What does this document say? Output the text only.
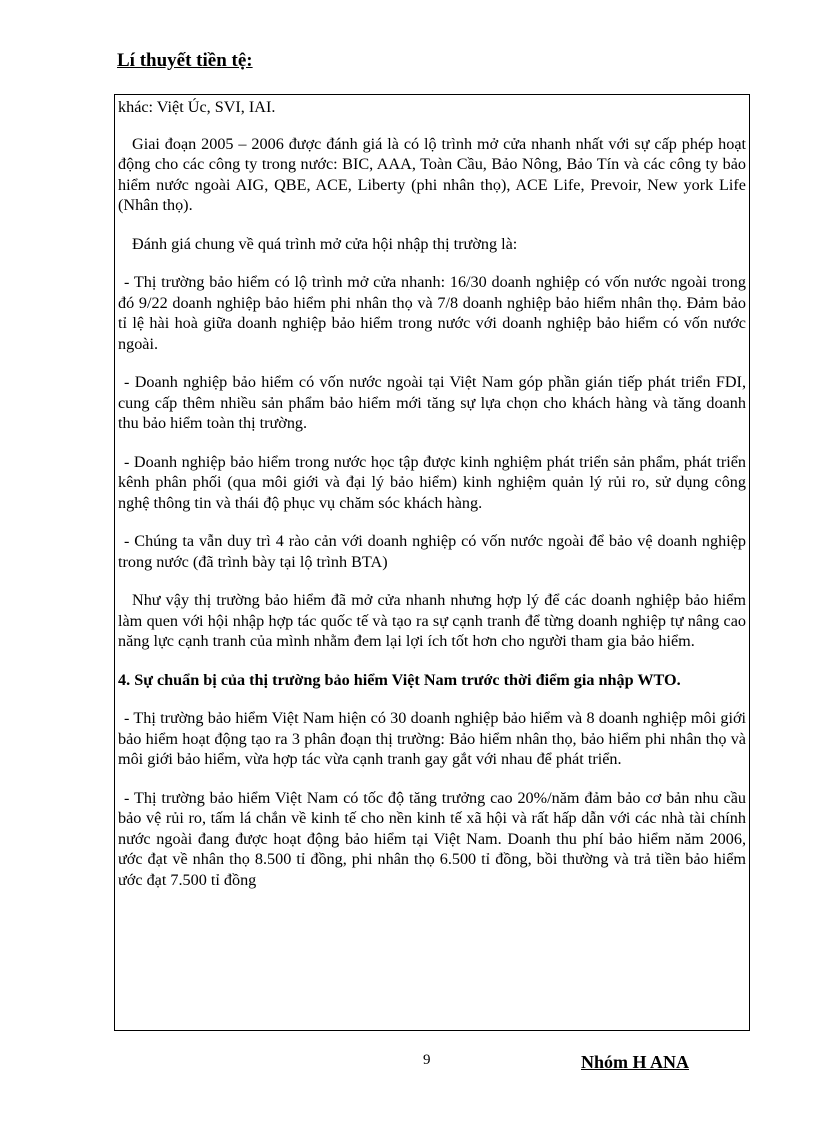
Lí thuyết tiền tệ:

khác: Việt Úc, SVI, IAI.

Giai đoạn 2005 – 2006 được đánh giá là có lộ trình mở cửa nhanh nhất với sự cấp phép hoạt động cho các công ty trong nước: BIC, AAA, Toàn Cầu, Bảo Nông, Bảo Tín và các công ty bảo hiểm nước ngoài AIG, QBE, ACE, Liberty (phi nhân thọ), ACE Life, Prevoir, New york Life (Nhân thọ).

Đánh giá chung về quá trình mở cửa hội nhập thị trường là:

- Thị trường bảo hiểm có lộ trình mở cửa nhanh: 16/30 doanh nghiệp có vốn nước ngoài trong đó 9/22 doanh nghiệp bảo hiểm phi nhân thọ và 7/8 doanh nghiệp bảo hiểm nhân thọ. Đảm bảo tỉ lệ hài hoà giữa doanh nghiệp bảo hiểm trong nước với doanh nghiệp bảo hiểm có vốn nước ngoài.

- Doanh nghiệp bảo hiểm có vốn nước ngoài tại Việt Nam góp phần gián tiếp phát triển FDI, cung cấp thêm nhiều sản phẩm bảo hiểm mới tăng sự lựa chọn cho khách hàng và tăng doanh thu bảo hiểm toàn thị trường.

- Doanh nghiệp bảo hiểm trong nước học tập được kinh nghiệm phát triển sản phẩm, phát triển kênh phân phối (qua môi giới và đại lý bảo hiểm) kinh nghiệm quản lý rủi ro, sử dụng công nghệ thông tin và thái độ phục vụ chăm sóc khách hàng.

- Chúng ta vẫn duy trì 4 rào cản với doanh nghiệp có vốn nước ngoài để bảo vệ doanh nghiệp trong nước (đã trình bày tại lộ trình BTA)

Như vậy thị trường bảo hiểm đã mở cửa nhanh nhưng hợp lý để các doanh nghiệp bảo hiểm làm quen với hội nhập hợp tác quốc tế và tạo ra sự cạnh tranh để từng doanh nghiệp tự nâng cao năng lực cạnh tranh của mình nhằm đem lại lợi ích tốt hơn cho người tham gia bảo hiểm.

4. Sự chuẩn bị của thị trường bảo hiểm Việt Nam trước thời điểm gia nhập WTO.

- Thị trường bảo hiểm Việt Nam hiện có 30 doanh nghiệp bảo hiểm và 8 doanh nghiệp môi giới bảo hiểm hoạt động tạo ra 3 phân đoạn thị trường: Bảo hiểm nhân thọ, bảo hiểm phi nhân thọ và môi giới bảo hiểm, vừa hợp tác vừa cạnh tranh gay gắt với nhau để phát triển.

- Thị trường bảo hiểm Việt Nam có tốc độ tăng trưởng cao 20%/năm đảm bảo cơ bản nhu cầu bảo vệ rủi ro, tấm lá chắn về kinh tế cho nền kinh tế xã hội và rất hấp dẫn với các nhà tài chính nước ngoài đang được hoạt động bảo hiểm tại Việt Nam. Doanh thu phí bảo hiểm năm 2006, ước đạt về nhân thọ 8.500 tỉ đồng, phi nhân thọ 6.500 tỉ đồng, bồi thường và trả tiền bảo hiểm ước đạt 7.500 tỉ đồng

9	Nhóm H ANA
